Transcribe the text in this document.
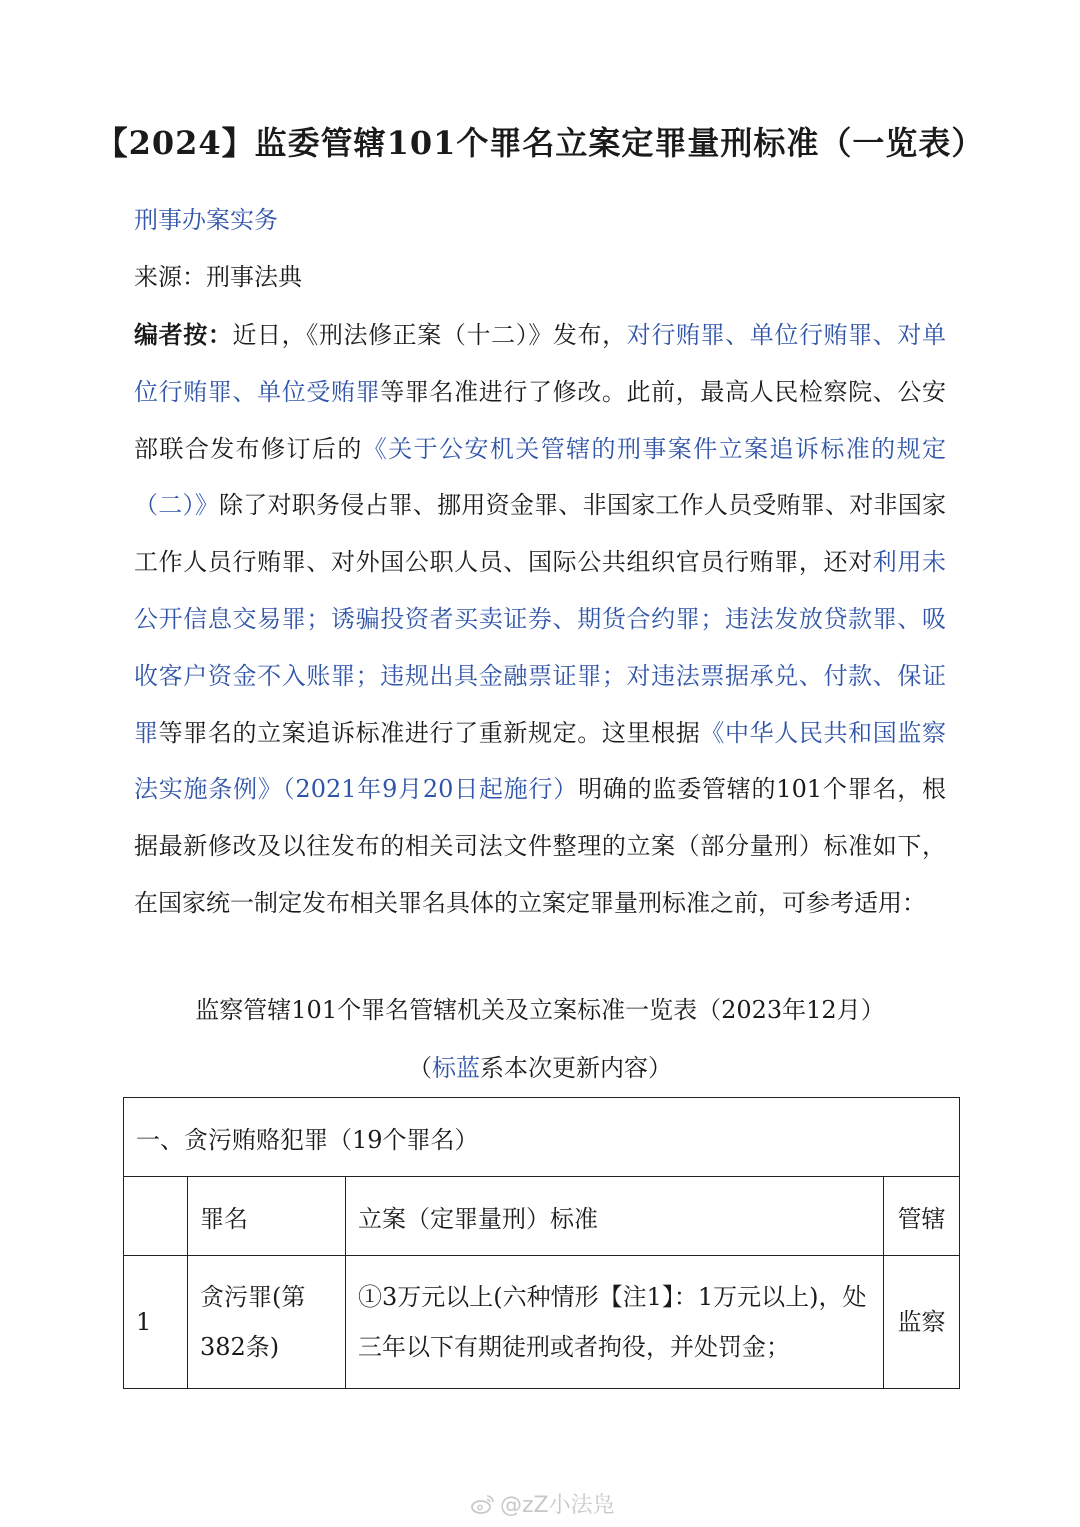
【2024】监委管辖101个罪名立案定罪量刑标准（一览表）

刑事办案实务

来源：刑事法典

编者按：近日，《刑法修正案（十二）》发布，对行贿罪、单位行贿罪、对单位行贿罪、单位受贿罪等罪名准进行了修改。此前，最高人民检察院、公安部联合发布修订后的《关于公安机关管辖的刑事案件立案追诉标准的规定（二）》除了对职务侵占罪、挪用资金罪、非国家工作人员受贿罪、对非国家工作人员行贿罪、对外国公职人员、国际公共组织官员行贿罪，还对利用未公开信息交易罪；诱骗投资者买卖证券、期货合约罪；违法发放贷款罪、吸收客户资金不入账罪；违规出具金融票证罪；对违法票据承兑、付款、保证罪等罪名的立案追诉标准进行了重新规定。这里根据《中华人民共和国监察法实施条例》（2021年9月20日起施行）明确的监委管辖的101个罪名，根据最新修改及以往发布的相关司法文件整理的立案（部分量刑）标准如下，在国家统一制定发布相关罪名具体的立案定罪量刑标准之前，可参考适用：

监察管辖101个罪名管辖机关及立案标准一览表（2023年12月）

（标蓝系本次更新内容）

一、贪污贿赂犯罪（19个罪名）			
	罪名	立案（定罪量刑）标准	管辖
1	贪污罪(第382条)	①3万元以上(六种情形【注1】：1万元以上)，处三年以下有期徒刑或者拘役，并处罚金；	监察
@zZ小法凫
